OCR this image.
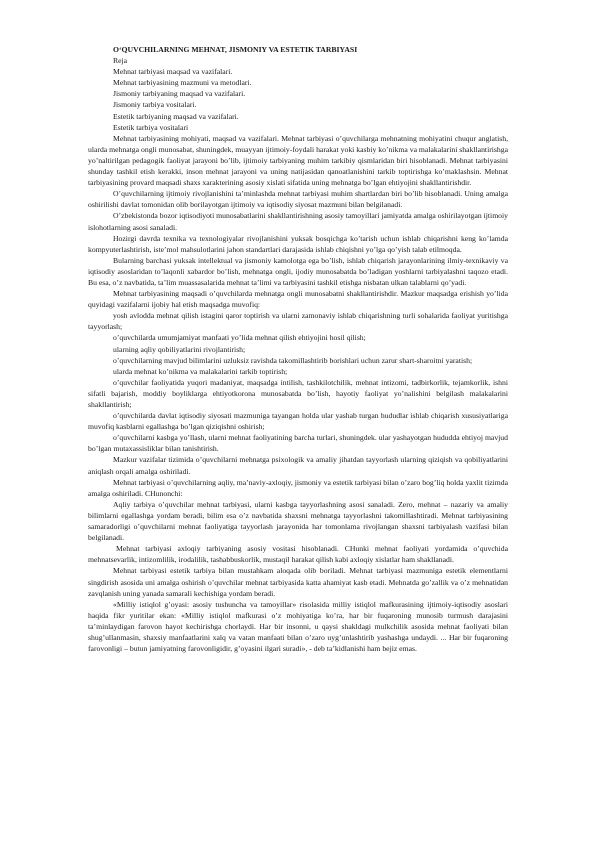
O‘QUVCHILARNING MEHNAT, JISMONIY VA ESTETIK TARBIYASI

Reja

Mehnat tarbiyasi maqsad va vazifalari.

Mehnat tarbiyasining mazmuni va metodlari.

Jismoniy tarbiyaning maqsad va vazifalari.

Jismoniy tarbiya vositalari.

Estetik tarbiyaning maqsad va vazifalari.

Estetik tarbiya vositalari

Mehnat tarbiyasining mohiyati, maqsad va vazifalari. Mehnat tarbiyasi o’quvchilarga mehnatning mohiyatini chuqur anglatish, ularda mehnatga ongli munosabat, shuningdek, muayyan ijtimoiy-foydali harakat yoki kasbiy ko’nikma va malakalarini shakllantirishga yo’naltirilgan pedagogik faoliyat jarayoni bo’lib, ijtimoiy tarbiyaning muhim tarkibiy qismlaridan biri hisoblanadi. Mehnat tarbiyasini shunday tashkil etish kerakki, inson mehnat jarayoni va uning natijasidan qanoatlanishini tarkib toptirishga ko’maklashsin. Mehnat tarbiyasining provard maqsadi shaxs xarakterining asosiy xislati sifatida uning mehnatga bo’lgan ehtiyojini shakllantirishdir.

O’quvchilarning ijtimoiy rivojlanishini ta’minlashda mehnat tarbiyasi muhim shartlardan biri bo’lib hisoblanadi. Uning amalga oshirilishi davlat tomonidan olib borilayotgan ijtimoiy va iqtisodiy siyosat mazmuni bilan belgilanadi.

O’zbekistonda bozor iqtisodiyoti munosabatlarini shakllantirishning asosiy tamoyillari jamiyatda amalga oshirilayotgan ijtimoiy islohotlarning asosi sanaladi.

Hozirgi davrda texnika va texnologiyalar rivojlanishini yuksak bosqichga ko’tarish uchun ishlab chiqarishni keng ko’lamda kompyuterlashtirish, iste’mol mahsulotlarini jahon standartlari darajasida ishlab chiqishni yo’lga qo’yish talab etilmoqda.

Bularning barchasi yuksak intellektual va jismoniy kamolotga ega bo’lish, ishlab chiqarish jarayonlarining ilmiy-texnikaviy va iqtisodiy asoslaridan to’laqonli xabardor bo’lish, mehnatga ongli, ijodiy munosabatda bo’ladigan yoshlarni tarbiyalashni taqozo etadi. Bu esa, o’z navbatida, ta’lim muassasalarida mehnat ta’limi va tarbiyasini tashkil etishga nisbatan ulkan talablarni qo’yadi.

Mehnat tarbiyasining maqsadi o’quvchilarda mehnatga ongli munosabatni shakllantirishdir. Mazkur maqsadga erishish yo’lida quyidagi vazifalarni ijobiy hal etish maqsadga muvofiq:

yosh avlodda mehnat qilish istagini qaror toptirish va ularni zamonaviy ishlab chiqarishning turli sohalarida faoliyat yuritishga tayyorlash;

o’quvchilarda umumjamiyat manfaati yo’lida mehnat qilish ehtiyojini hosil qilish;

ularning aqliy qobiliyatlarini rivojlantirish;

o’quvchilarning mavjud bilimlarini uzluksiz ravishda takomillashtirib borishlari uchun zarur shart-sharoitni yaratish;

ularda mehnat ko’nikma va malakalarini tarkib toptirish;

o’quvchilar faoliyatida yuqori madaniyat, maqsadga intilish, tashkilotchilik, mehnat intizomi, tadbirkorlik, tejamkorlik, ishni sifatli bajarish, moddiy boyliklarga ehtiyotkorona munosabatda bo’lish, hayotiy faoliyat yo’nalishini belgilash malakalarini shakllantirish;

o’quvchilarda davlat iqtisodiy siyosati mazmuniga tayangan holda ular yashab turgan hududlar ishlab chiqarish xususiyatlariga muvofiq kasblarni egallashga bo’lgan qiziqishni oshirish;

o’quvchilarni kasbga yo’llash, ularni mehnat faoliyatining barcha turlari, shuningdek. ular yashayotgan hududda ehtiyoj mavjud bo’lgan mutaxassisliklar bilan tanishtirish.

Mazkur vazifalar tizimida o’quvchilarni mehnatga psixologik va amaliy jihatdan tayyorlash ularning qiziqish va qobiliyatlarini aniqlash orqali amalga oshiriladi.

Mehnat tarbiyasi o’quvchilarning aqliy, ma’naviy-axloqiy, jismoniy va estetik tarbiyasi bilan o’zaro bog’liq holda yaxlit tizimda amalga oshiriladi. CHunonchi:

Aqliy tarbiya o’quvchilar mehnat tarbiyasi, ularni kasbga tayyorlashning asosi sanaladi. Zero, mehnat – nazariy va amaliy bilimlarni egallashga yordam beradi, bilim esa o’z navbatida shaxsni mehnatga tayyorlashni takomillashtiradi. Mehnat tarbiyasining samaradorligi o’quvchilarni mehnat faoliyatiga tayyorlash jarayonida har tomonlama rivojlangan shaxsni tarbiyalash vazifasi bilan belgilanadi.

Mehnat tarbiyasi axloqiy tarbiyaning asosiy vositasi hisoblanadi. CHunki mehnat faoliyati yordamida o’quvchida mehnatsevarlik, intizomlilik, irodalilik, tashabbuskorlik, mustaqil harakat qilish kabi axloqiy xislatlar ham shakllanadi.

Mehnat tarbiyasi estetik tarbiya bilan mustahkam aloqada olib boriladi. Mehnat tarbiyasi mazmuniga estetik elementlarni singdirish asosida uni amalga oshirish o’quvchilar mehnat tarbiyasida katta ahamiyat kasb etadi. Mehnatda go’zallik va o’z mehnatidan zavqlanish uning yanada samarali kechishiga yordam beradi.

«Milliy istiqlol g’oyasi: asosiy tushuncha va tamoyillar» risolasida milliy istiqlol mafkurasining ijtimoiy-iqtisodiy asoslari haqida fikr yuritilar ekan: «Milliy istiqlol mafkurasi o’z mohiyatiga ko’ra, har bir fuqaroning munosib turmush darajasini ta’minlaydigan farovon hayot kechirishga chorlaydi. Har bir insonni, u qaysi shakldagi mulkchilik asosida mehnat faoliyati bilan shug’ullanmasin, shaxsiy manfaatlarini xalq va vatan manfaati bilan o’zaro uyg’unlashtirib yashashga undaydi. ... Har bir fuqaroning farovonligi – butun jamiyatning farovonligidir, g’oyasini ilgari suradi», - deb ta’kidlanishi ham bejiz emas.
